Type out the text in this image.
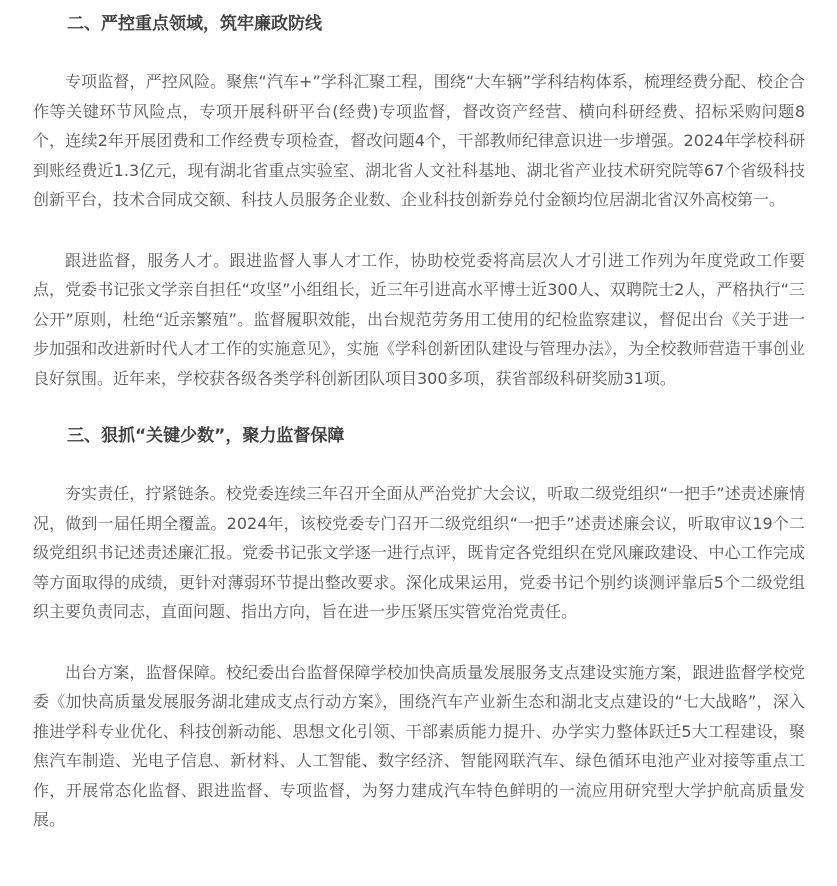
二、严控重点领域，筑牢廉政防线

专项监督，严控风险。聚焦“汽车+”学科汇聚工程，围绕“大车辆”学科结构体系，梳理经费分配、校企合作等关键环节风险点，专项开展科研平台(经费)专项监督，督改资产经营、横向科研经费、招标采购问题8个，连续2年开展团费和工作经费专项检查，督改问题4个，干部教师纪律意识进一步增强。2024年学校科研到账经费近1.3亿元，现有湖北省重点实验室、湖北省人文社科基地、湖北省产业技术研究院等67个省级科技创新平台，技术合同成交额、科技人员服务企业数、企业科技创新券兑付金额均位居湖北省汉外高校第一。

跟进监督，服务人才。跟进监督人事人才工作，协助校党委将高层次人才引进工作列为年度党政工作要点，党委书记张文学亲自担任“攻坚”小组组长，近三年引进高水平博士近300人、双聘院士2人，严格执行“三公开”原则，杜绝“近亲繁殖”。监督履职效能，出台规范劳务用工使用的纪检监察建议，督促出台《关于进一步加强和改进新时代人才工作的实施意见》，实施《学科创新团队建设与管理办法》，为全校教师营造干事创业良好氛围。近年来，学校获各级各类学科创新团队项目300多项，获省部级科研奖励31项。

三、狠抓“关键少数”，聚力监督保障

夯实责任，拧紧链条。校党委连续三年召开全面从严治党扩大会议，听取二级党组织“一把手”述责述廉情况，做到一届任期全覆盖。2024年，该校党委专门召开二级党组织“一把手”述责述廉会议，听取审议19个二级党组织书记述责述廉汇报。党委书记张文学逐一进行点评，既肯定各党组织在党风廉政建设、中心工作完成等方面取得的成绩，更针对薄弱环节提出整改要求。深化成果运用，党委书记个别约谈测评靠后5个二级党组织主要负责同志，直面问题、指出方向，旨在进一步压紧压实管党治党责任。

出台方案，监督保障。校纪委出台监督保障学校加快高质量发展服务支点建设实施方案，跟进监督学校党委《加快高质量发展服务湖北建成支点行动方案》，围绕汽车产业新生态和湖北支点建设的“七大战略”，深入推进学科专业优化、科技创新动能、思想文化引领、干部素质能力提升、办学实力整体跃迁5大工程建设，聚焦汽车制造、光电子信息、新材料、人工智能、数字经济、智能网联汽车、绿色循环电池产业对接等重点工作，开展常态化监督、跟进监督、专项监督，为努力建成汽车特色鲜明的一流应用研究型大学护航高质量发展。
